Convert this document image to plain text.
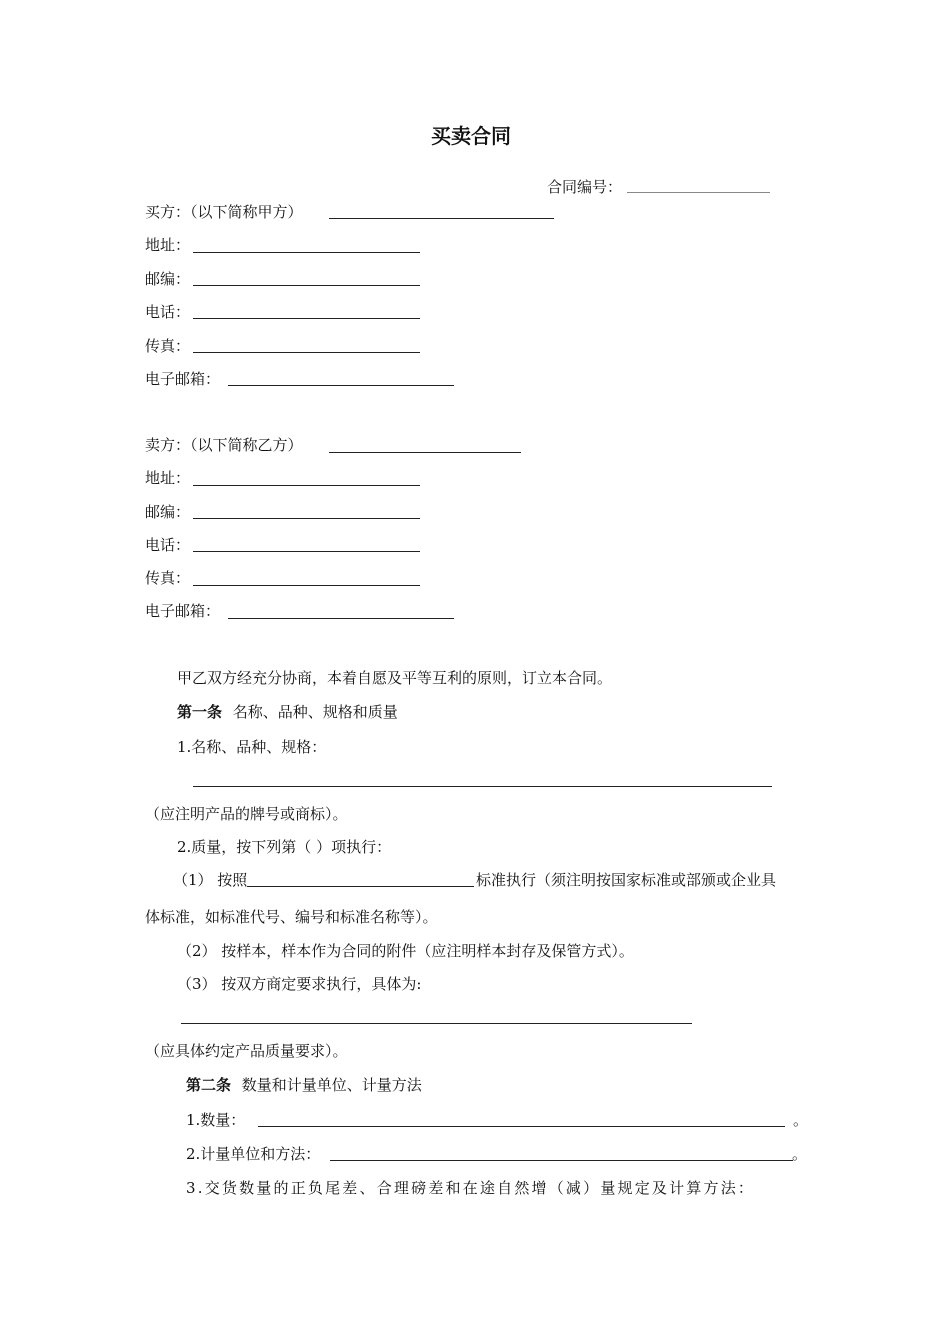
买卖合同
合同编号：
买方：（以下简称甲方）
地址：
邮编：
电话：
传真：
电子邮箱：
卖方：（以下简称乙方）
地址：
邮编：
电话：
传真：
电子邮箱：
甲乙双方经充分协商，本着自愿及平等互利的原则，订立本合同。
第一条 名称、品种、规格和质量
1.名称、品种、规格：
（应注明产品的牌号或商标）。
2.质量，按下列第（ ）项执行：
（1） 按照	标准执行（须注明按国家标准或部颁或企业具
体标准，如标准代号、编号和标准名称等）。
（2） 按样本，样本作为合同的附件（应注明样本封存及保管方式）。
（3） 按双方商定要求执行，具体为:
（应具体约定产品质量要求）。
第二条 数量和计量单位、计量方法
1.数量：	。
2.计量单位和方法：	。
3.交货数量的正负尾差、合理磅差和在途自然增（减）量规定及计算方法：
